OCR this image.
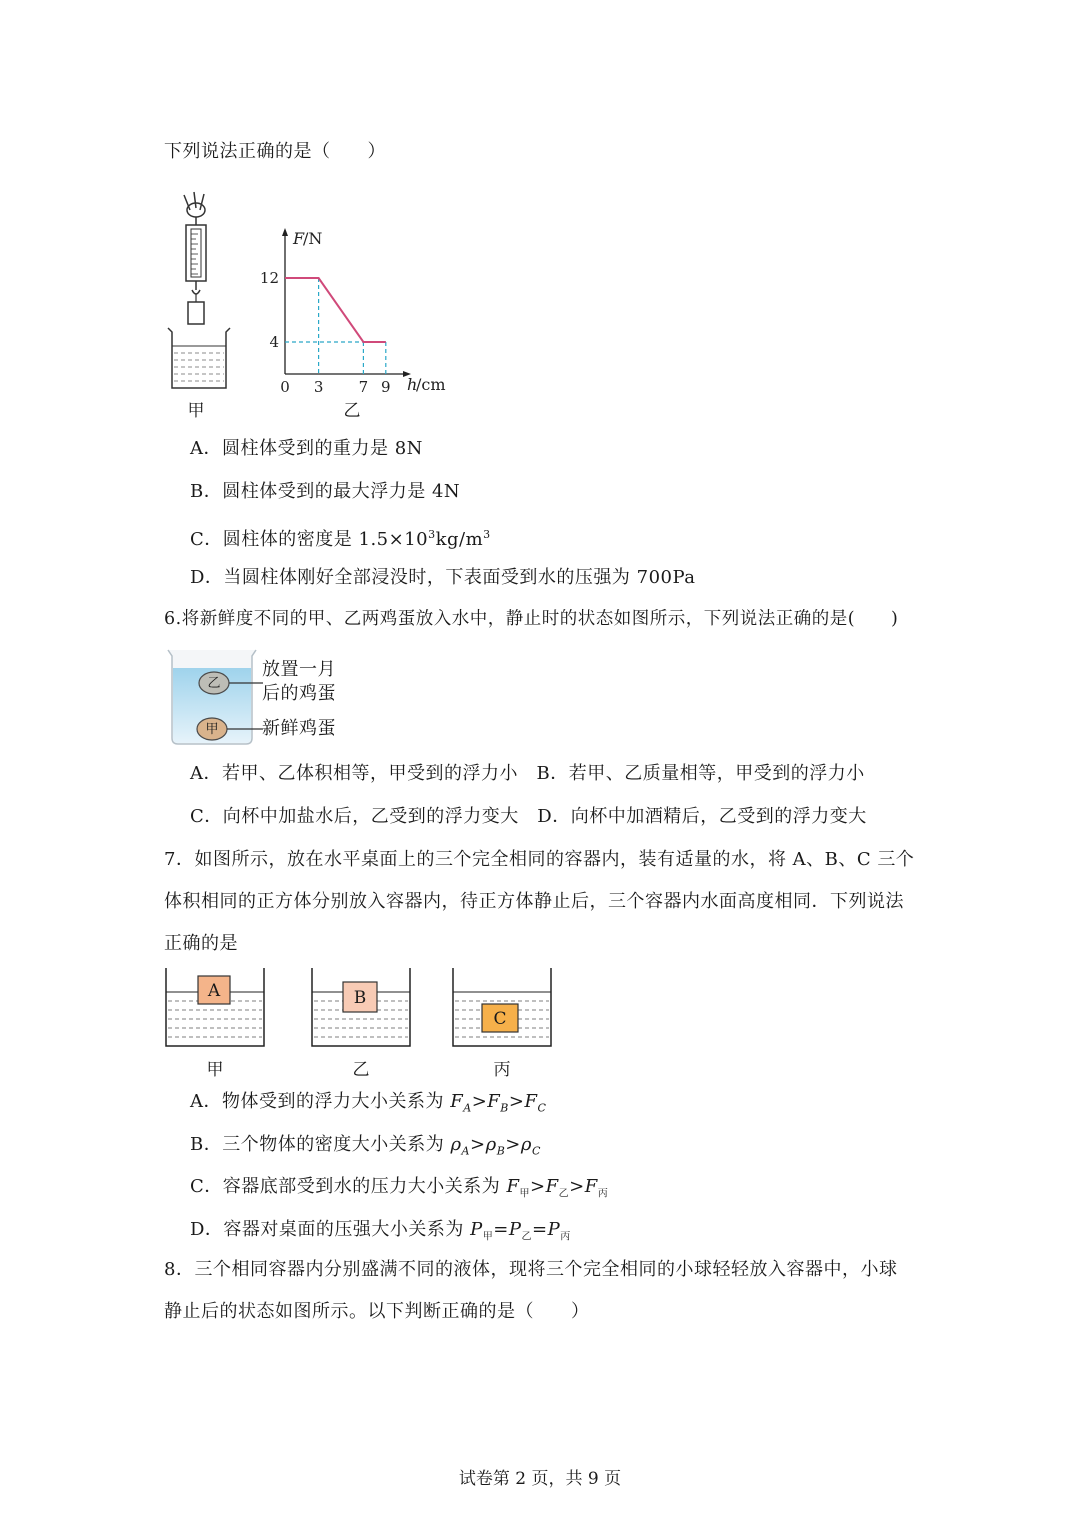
下列说法正确的是（　　）
甲
F
/N
h
/cm
0 3 7 9
12
4
乙
A．圆柱体受到的重力是 8N
B．圆柱体受到的最大浮力是 4N
C．圆柱体的密度是 $1.5\times 10^3kg/m^3$
D．当圆柱体刚好全部浸没时，下表面受到水的压强为 700Pa
6.将新鲜度不同的甲、乙两鸡蛋放入水中，静止时的状态如图所示，下列说法正确的是(　　)
乙
甲
放置一月
后的鸡蛋
新鲜鸡蛋
A．若甲、乙体积相等，甲受到的浮力小　B．若甲、乙质量相等，甲受到的浮力小
C．向杯中加盐水后，乙受到的浮力变大　D．向杯中加酒精后，乙受到的浮力变大
7．如图所示，放在水平桌面上的三个完全相同的容器内，装有适量的水，将 A、B、C 三个
体积相同的正方体分别放入容器内，待正方体静止后，三个容器内水面高度相同．下列说法
正确的是
A	B
C
甲	乙	丙
A．物体受到的浮力大小关系为 $F_A>F_B>F_C$
B．三个物体的密度大小关系为 $\rho_A>\rho_B>\rho_C$
C．容器底部受到水的压力大小关系为 $F_甲>F_乙>F_丙$
D．容器对桌面的压强大小关系为 $P_甲=P_乙=P_丙$
8．三个相同容器内分别盛满不同的液体，现将三个完全相同的小球轻轻放入容器中，小球
静止后的状态如图所示。以下判断正确的是（　　）
试卷第 2 页，共 9 页
